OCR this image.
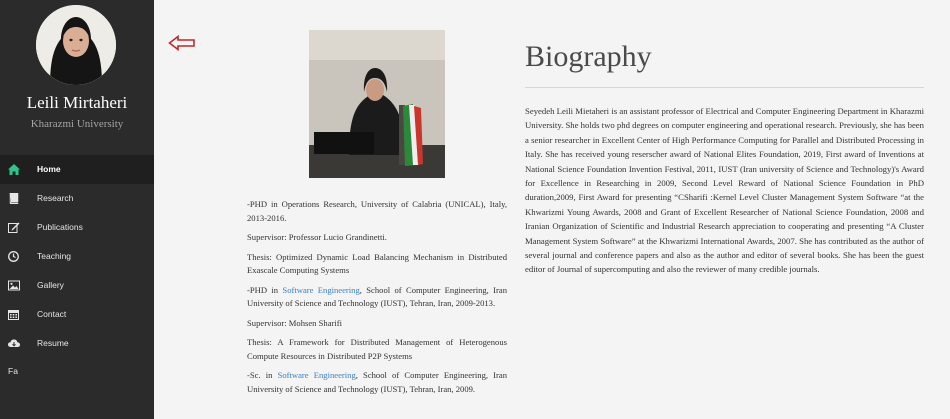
Leili Mirtaheri
Kharazmi University
Home
Research
Publications
Teaching
Gallery
Contact
Resume
Fa

-PHD in Operations Research, University of Calabria (UNICAL), Italy, 2013-2016.

Supervisor: Professor Lucio Grandinetti.

Thesis: Optimized Dynamic Load Balancing Mechanism in Distributed Exascale Computing Systems

-PHD in Software Engineering, School of Computer Engineering, Iran University of Science and Technology (IUST), Tehran, Iran, 2009-2013.

Supervisor: Mohsen Sharifi

Thesis: A Framework for Distributed Management of Heterogenous Compute Resources in Distributed P2P Systems

-Sc. in Software Engineering, School of Computer Engineering, Iran University of Science and Technology (IUST), Tehran, Iran, 2009.

Biography

Seyedeh Leili Mietaheri is an assistant professor of Electrical and Computer Engineering Department in Kharazmi University. She holds two phd degrees on computer engineering and operational research. Previously, she has been a senior researcher in Excellent Center of High Performance Computing for Parallel and Distributed Processing in Italy. She has received young reserscher award of National Elites Foundation, 2019, First award of Inventions at National Science Foundation Invention Festival, 2011, IUST (Iran university of Science and Technology)'s Award for Excellence in Researching in 2009, Second Level Reward of National Science Foundation in PhD duration,2009, First Award for presenting “CSharifi :Kernel Level Cluster Management System Software “at the Khwarizmi Young Awards, 2008 and Grant of Excellent Researcher of National Science Foundation, 2008 and Iranian Organization of Scientific and Industrial Research appreciation to cooperating and presenting “A Cluster Management System Software” at the Khwarizmi International Awards, 2007. She has contributed as the author of several journal and conference papers and also as the author and editor of several books. She has been the guest editor of Journal of supercomputing and also the reviewer of many credible journals.
